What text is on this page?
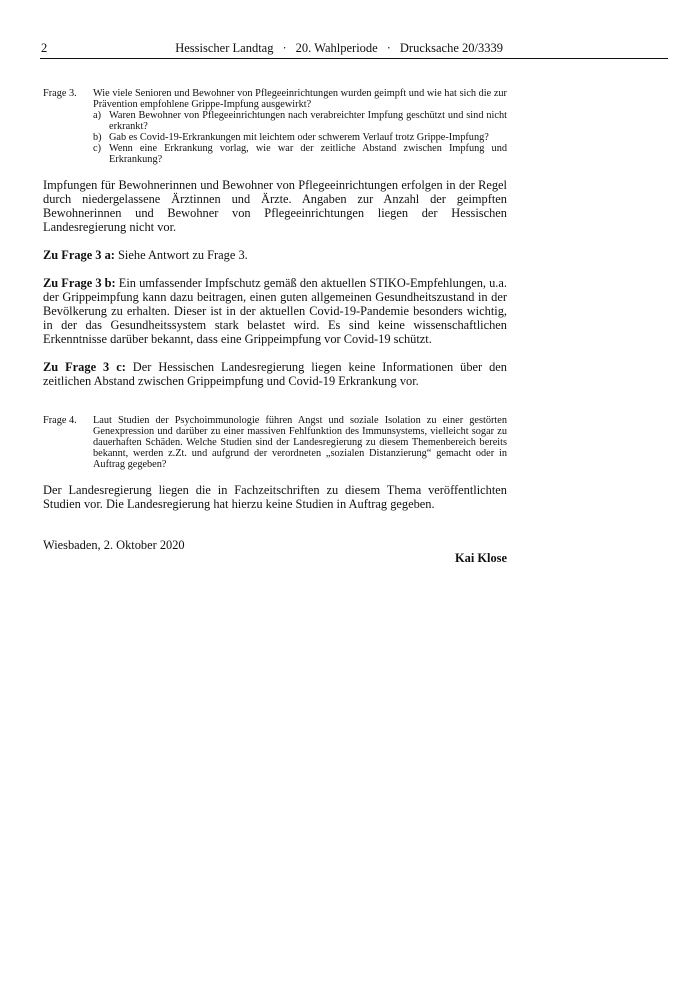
2	Hessischer Landtag · 20. Wahlperiode · Drucksache 20/3339
Frage 3. Wie viele Senioren und Bewohner von Pflegeeinrichtungen wurden geimpft und wie hat sich die zur Prävention empfohlene Grippe-Impfung ausgewirkt?
a) Waren Bewohner von Pflegeeinrichtungen nach verabreichter Impfung geschützt und sind nicht erkrankt?
b) Gab es Covid-19-Erkrankungen mit leichtem oder schwerem Verlauf trotz Grippe-Impfung?
c) Wenn eine Erkrankung vorlag, wie war der zeitliche Abstand zwischen Impfung und Erkrankung?

Impfungen für Bewohnerinnen und Bewohner von Pflegeeinrichtungen erfolgen in der Regel durch niedergelassene Ärztinnen und Ärzte. Angaben zur Anzahl der geimpften Bewohnerinnen und Bewohner von Pflegeeinrichtungen liegen der Hessischen Landesregierung nicht vor.

Zu Frage 3 a: Siehe Antwort zu Frage 3.

Zu Frage 3 b: Ein umfassender Impfschutz gemäß den aktuellen STIKO-Empfehlungen, u.a. der Grippeimpfung kann dazu beitragen, einen guten allgemeinen Gesundheitszustand in der Bevölkerung zu erhalten. Dieser ist in der aktuellen Covid-19-Pandemie besonders wichtig, in der das Gesundheitssystem stark belastet wird. Es sind keine wissenschaftlichen Erkenntnisse darüber bekannt, dass eine Grippeimpfung vor Covid-19 schützt.

Zu Frage 3 c: Der Hessischen Landesregierung liegen keine Informationen über den zeitlichen Abstand zwischen Grippeimpfung und Covid-19 Erkrankung vor.

Frage 4. Laut Studien der Psychoimmunologie führen Angst und soziale Isolation zu einer gestörten Genexpression und darüber zu einer massiven Fehlfunktion des Immunsystems, vielleicht sogar zu dauerhaften Schäden. Welche Studien sind der Landesregierung zu diesem Themenbereich bereits bekannt, werden z.Zt. und aufgrund der verordneten „sozialen Distanzierung“ gemacht oder in Auftrag gegeben?

Der Landesregierung liegen die in Fachzeitschriften zu diesem Thema veröffentlichten Studien vor. Die Landesregierung hat hierzu keine Studien in Auftrag gegeben.

Wiesbaden, 2. Oktober 2020
Kai Klose
